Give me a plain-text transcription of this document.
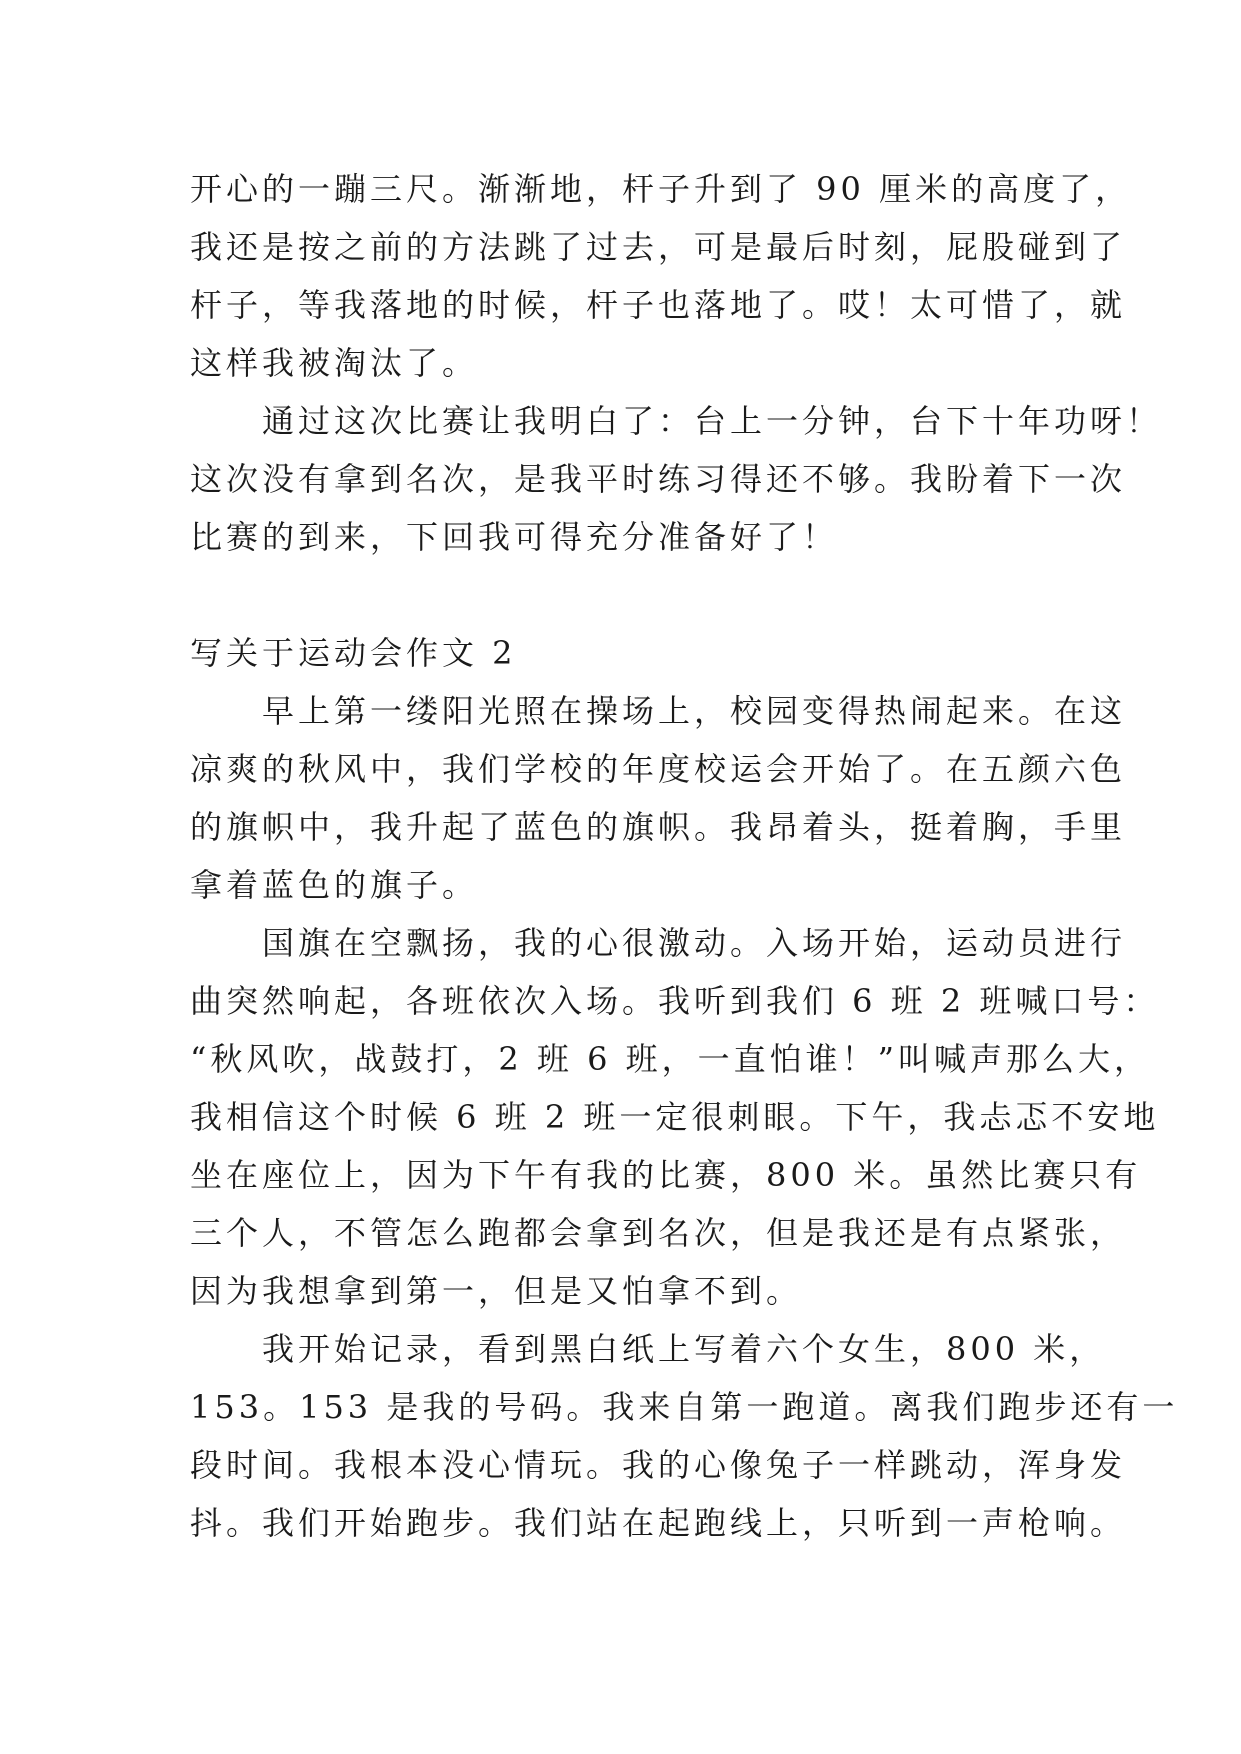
开心的一蹦三尺。渐渐地，杆子升到了 90 厘米的高度了，
我还是按之前的方法跳了过去，可是最后时刻，屁股碰到了
杆子，等我落地的时候，杆子也落地了。哎！太可惜了，就
这样我被淘汰了。
　　通过这次比赛让我明白了：台上一分钟，台下十年功呀！
这次没有拿到名次，是我平时练习得还不够。我盼着下一次
比赛的到来，下回我可得充分准备好了！
写关于运动会作文 2
　　早上第一缕阳光照在操场上，校园变得热闹起来。在这
凉爽的秋风中，我们学校的年度校运会开始了。在五颜六色
的旗帜中，我升起了蓝色的旗帜。我昂着头，挺着胸，手里
拿着蓝色的旗子。
　　国旗在空飘扬，我的心很激动。入场开始，运动员进行
曲突然响起，各班依次入场。我听到我们 6 班 2 班喊口号：
“秋风吹，战鼓打，2 班 6 班，一直怕谁！”叫喊声那么大，
我相信这个时候 6 班 2 班一定很刺眼。下午，我忐忑不安地
坐在座位上，因为下午有我的比赛，800 米。虽然比赛只有
三个人，不管怎么跑都会拿到名次，但是我还是有点紧张，
因为我想拿到第一，但是又怕拿不到。
　　我开始记录，看到黑白纸上写着六个女生，800 米，
153。153 是我的号码。我来自第一跑道。离我们跑步还有一
段时间。我根本没心情玩。我的心像兔子一样跳动，浑身发
抖。我们开始跑步。我们站在起跑线上，只听到一声枪响。
